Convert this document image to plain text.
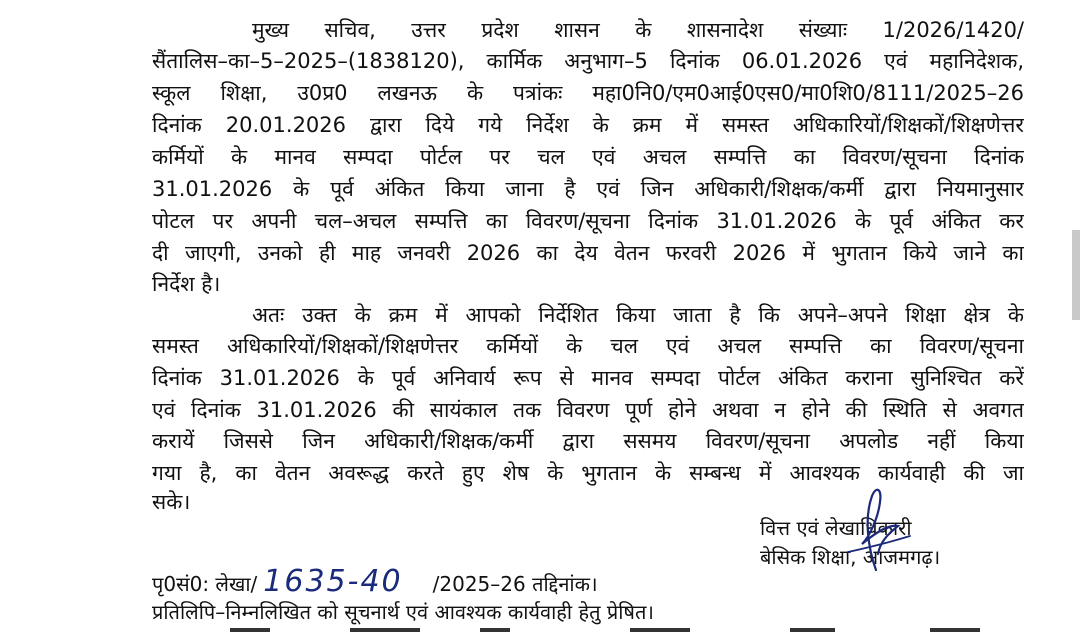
मुख्य सचिव, उत्तर प्रदेश शासन के शासनादेश संख्याः 1/2026/1420/
सैंतालिस–का–5–2025–(1838120), कार्मिक अनुभाग–5 दिनांक 06.01.2026 एवं महानिदेशक,
स्कूल शिक्षा, उ0प्र0 लखनऊ के पत्रांकः महा0नि0/एम0आई0एस0/मा0शि0/8111/2025–26
दिनांक 20.01.2026 द्वारा दिये गये निर्देश के क्रम में समस्त अधिकारियों/शिक्षकों/शिक्षणेत्तर
कर्मियों के मानव सम्पदा पोर्टल पर चल एवं अचल सम्पत्ति का विवरण/सूचना दिनांक
31.01.2026 के पूर्व अंकित किया जाना है एवं जिन अधिकारी/शिक्षक/कर्मी द्वारा नियमानुसार
पोटल पर अपनी चल–अचल सम्पत्ति का विवरण/सूचना दिनांक 31.01.2026 के पूर्व अंकित कर
दी जाएगी, उनको ही माह जनवरी 2026 का देय वेतन फरवरी 2026 में भुगतान किये जाने का
निर्देश है।
अतः उक्त के क्रम में आपको निर्देशित किया जाता है कि अपने–अपने शिक्षा क्षेत्र के
समस्त अधिकारियों/शिक्षकों/शिक्षणेत्तर कर्मियों के चल एवं अचल सम्पत्ति का विवरण/सूचना
दिनांक 31.01.2026 के पूर्व अनिवार्य रूप से मानव सम्पदा पोर्टल अंकित कराना सुनिश्चित करें
एवं दिनांक 31.01.2026 की सायंकाल तक विवरण पूर्ण होने अथवा न होने की स्थिति से अवगत
करायें जिससे जिन अधिकारी/शिक्षक/कर्मी द्वारा ससमय विवरण/सूचना अपलोड नहीं किया
गया है, का वेतन अवरूद्ध करते हुए शेष के भुगतान के सम्बन्ध में आवश्यक कार्यवाही की जा
सके।
वित्त एवं लेखाधिकारी
बेसिक शिक्षा, आजमगढ़।
पृ0सं0: लेखा/ 1635-40 /2025–26 तद्दिनांक।
प्रतिलिपि–निम्नलिखित को सूचनार्थ एवं आवश्यक कार्यवाही हेतु प्रेषित।
